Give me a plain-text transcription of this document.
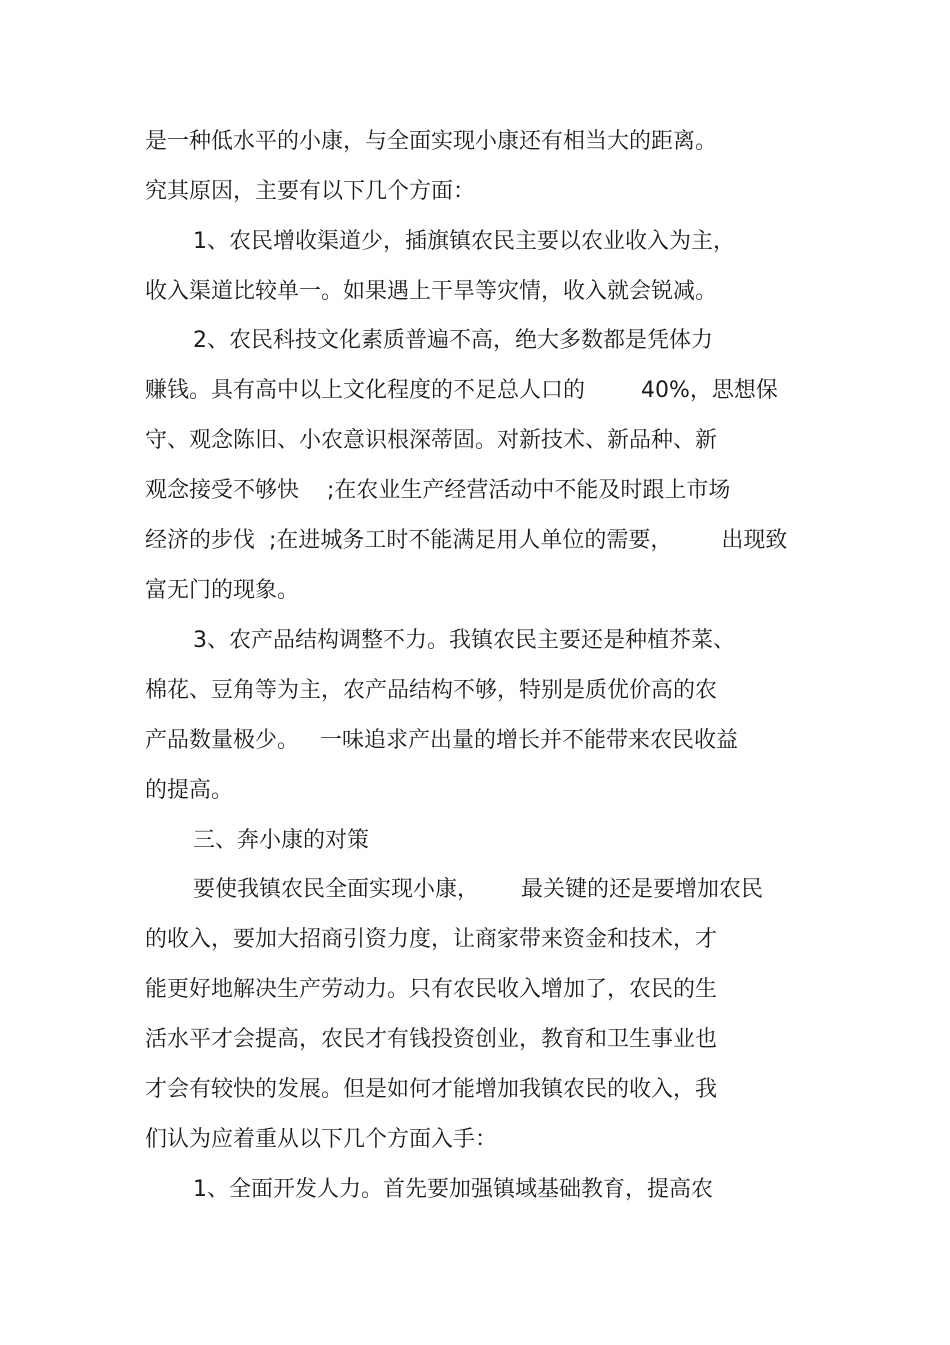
是一种低水平的小康，与全面实现小康还有相当大的距离。

究其原因，主要有以下几个方面：

1、农民增收渠道少，插旗镇农民主要以农业收入为主，

收入渠道比较单一。如果遇上干旱等灾情，收入就会锐减。

2、农民科技文化素质普遍不高，绝大多数都是凭体力

赚钱。具有高中以上文化程度的不足总人口的        40%，思想保

守、观念陈旧、小农意识根深蒂固。对新技术、新品种、新

观念接受不够快    ;在农业生产经营活动中不能及时跟上市场

经济的步伐  ;在进城务工时不能满足用人单位的需要，       出现致

富无门的现象。

3、农产品结构调整不力。我镇农民主要还是种植芥菜、

棉花、豆角等为主，农产品结构不够，特别是质优价高的农

产品数量极少。   一味追求产出量的增长并不能带来农民收益

的提高。

三、奔小康的对策

要使我镇农民全面实现小康，      最关键的还是要增加农民

的收入，要加大招商引资力度，让商家带来资金和技术，才

能更好地解决生产劳动力。只有农民收入增加了，农民的生

活水平才会提高，农民才有钱投资创业，教育和卫生事业也

才会有较快的发展。但是如何才能增加我镇农民的收入，我

们认为应着重从以下几个方面入手：

1、全面开发人力。首先要加强镇域基础教育，提高农
